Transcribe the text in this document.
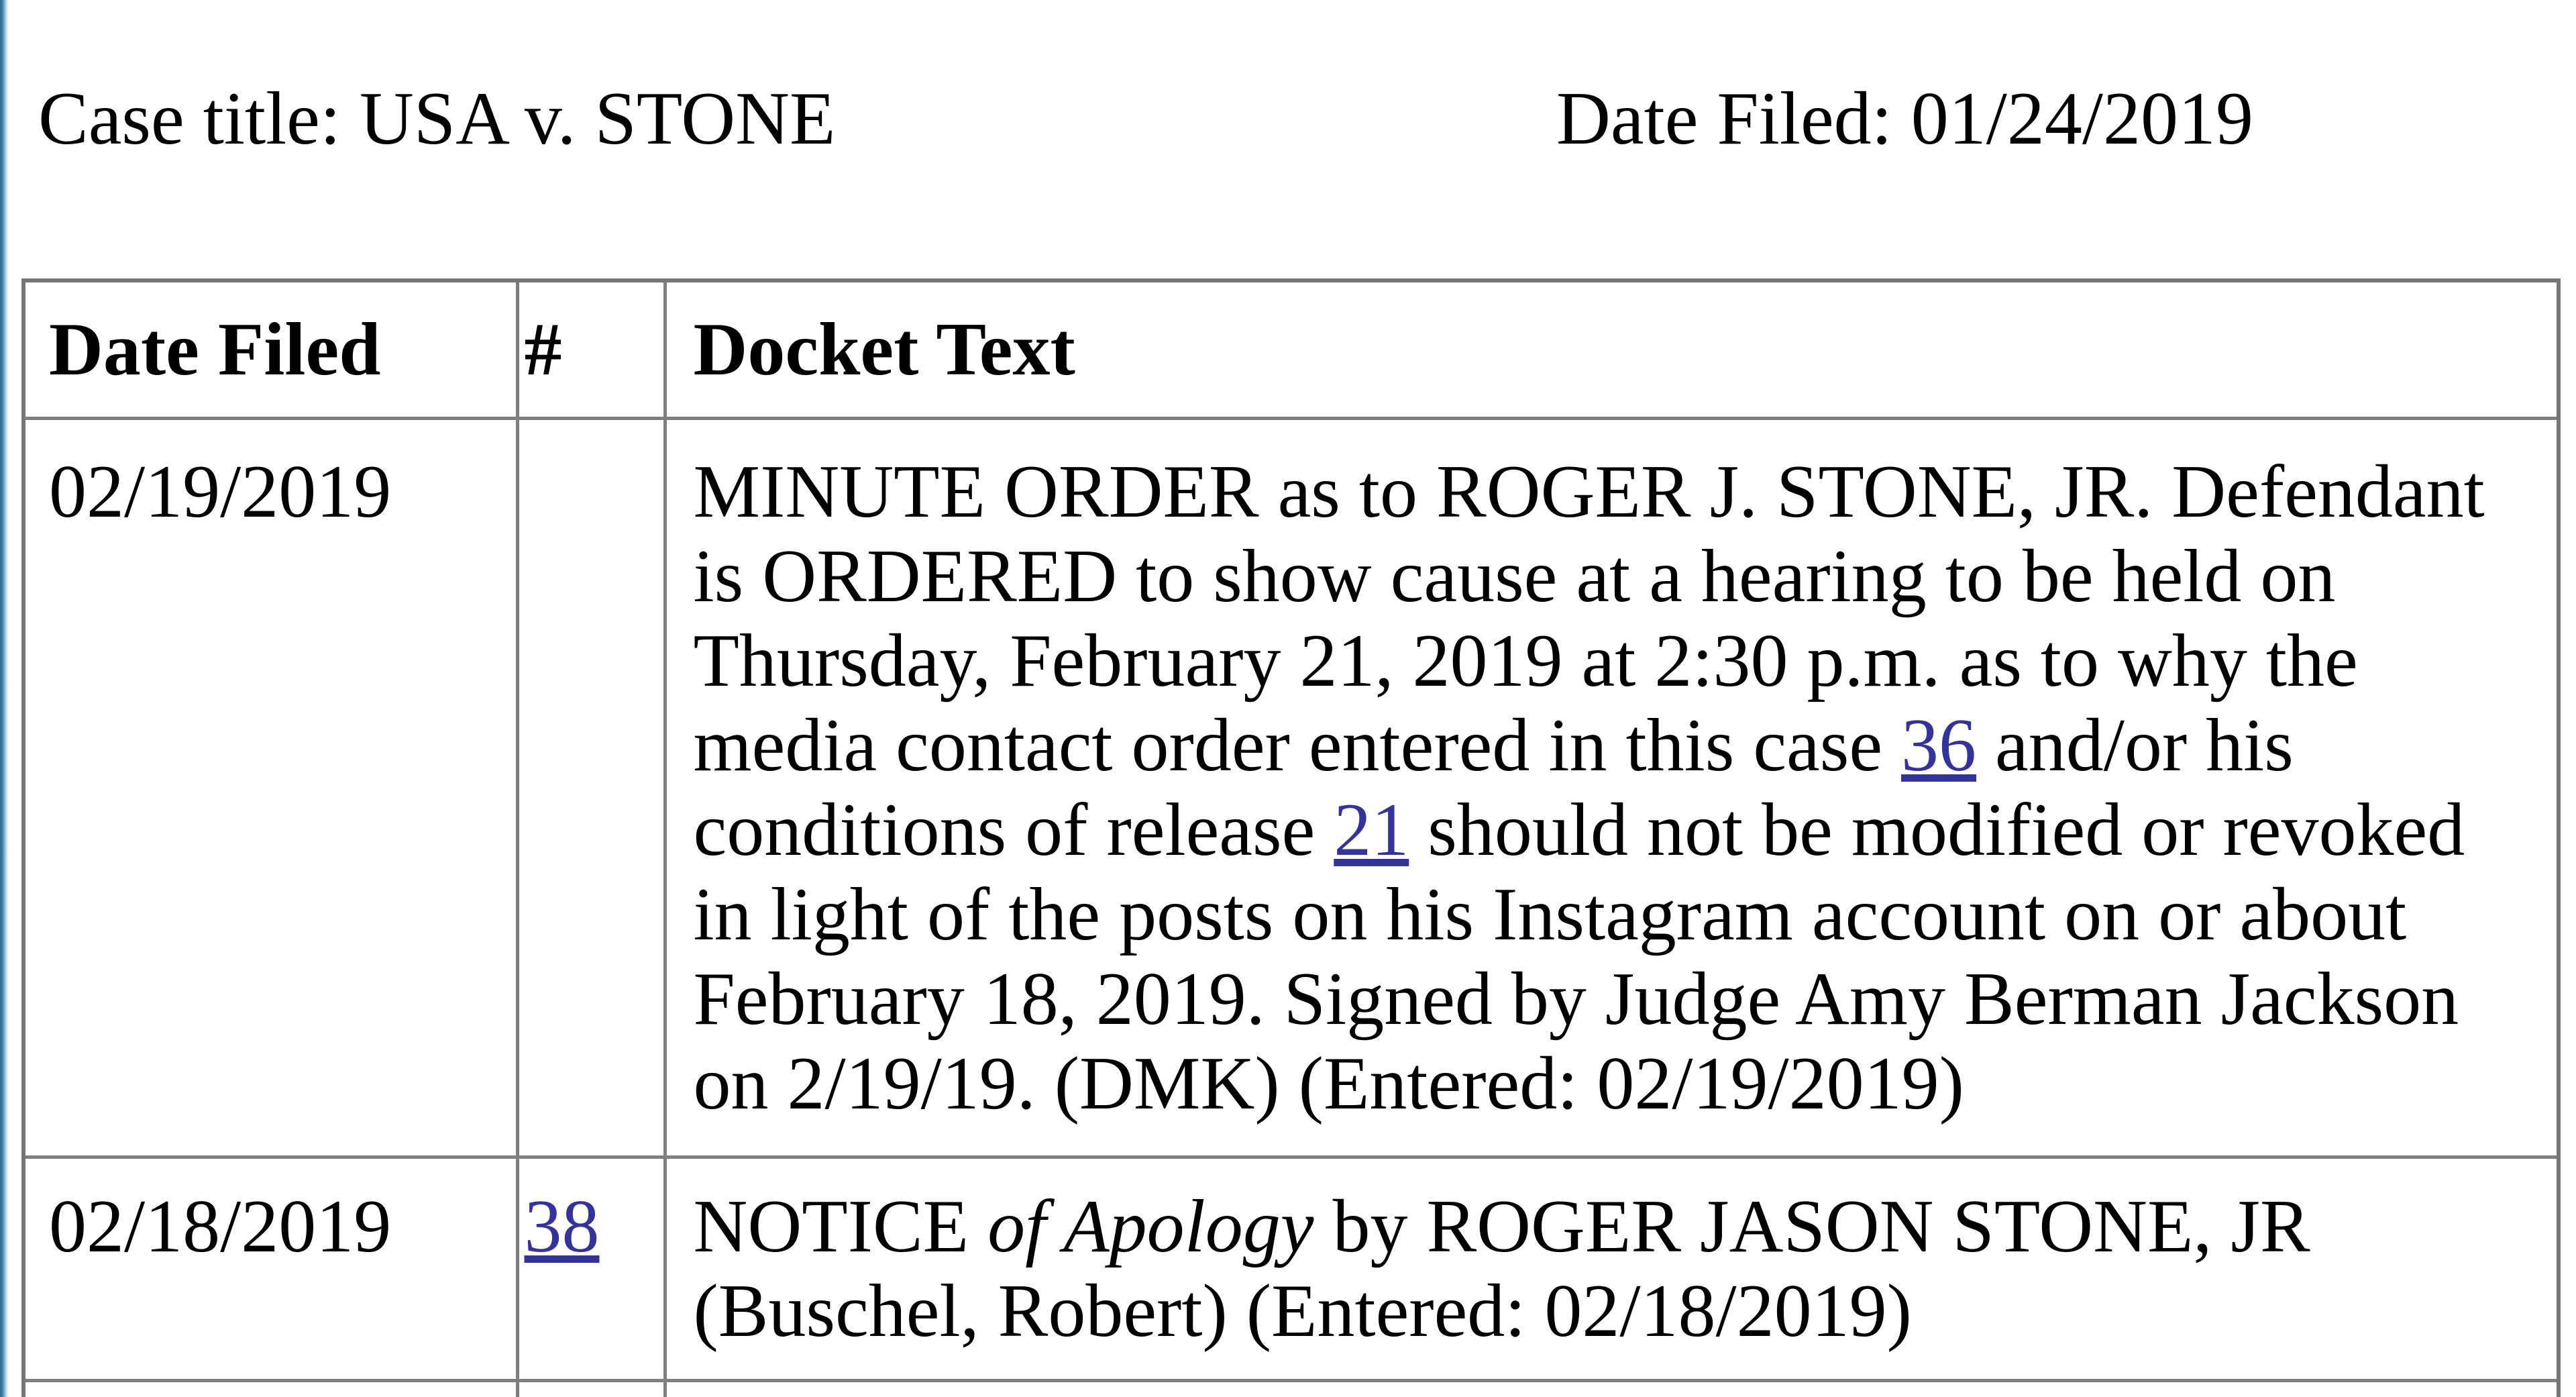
Case title: USA v. STONE	Date Filed: 01/24/2019
Date Filed	#	Docket Text
02/19/2019		MINUTE ORDER as to ROGER J. STONE, JR. Defendant is ORDERED to show cause at a hearing to be held on Thursday, February 21, 2019 at 2:30 p.m. as to why the media contact order entered in this case 36 and/or his conditions of release 21 should not be modified or revoked in light of the posts on his Instagram account on or about February 18, 2019. Signed by Judge Amy Berman Jackson on 2/19/19. (DMK) (Entered: 02/19/2019)
02/18/2019	38	NOTICE of Apology by ROGER JASON STONE, JR (Buschel, Robert) (Entered: 02/18/2019)
